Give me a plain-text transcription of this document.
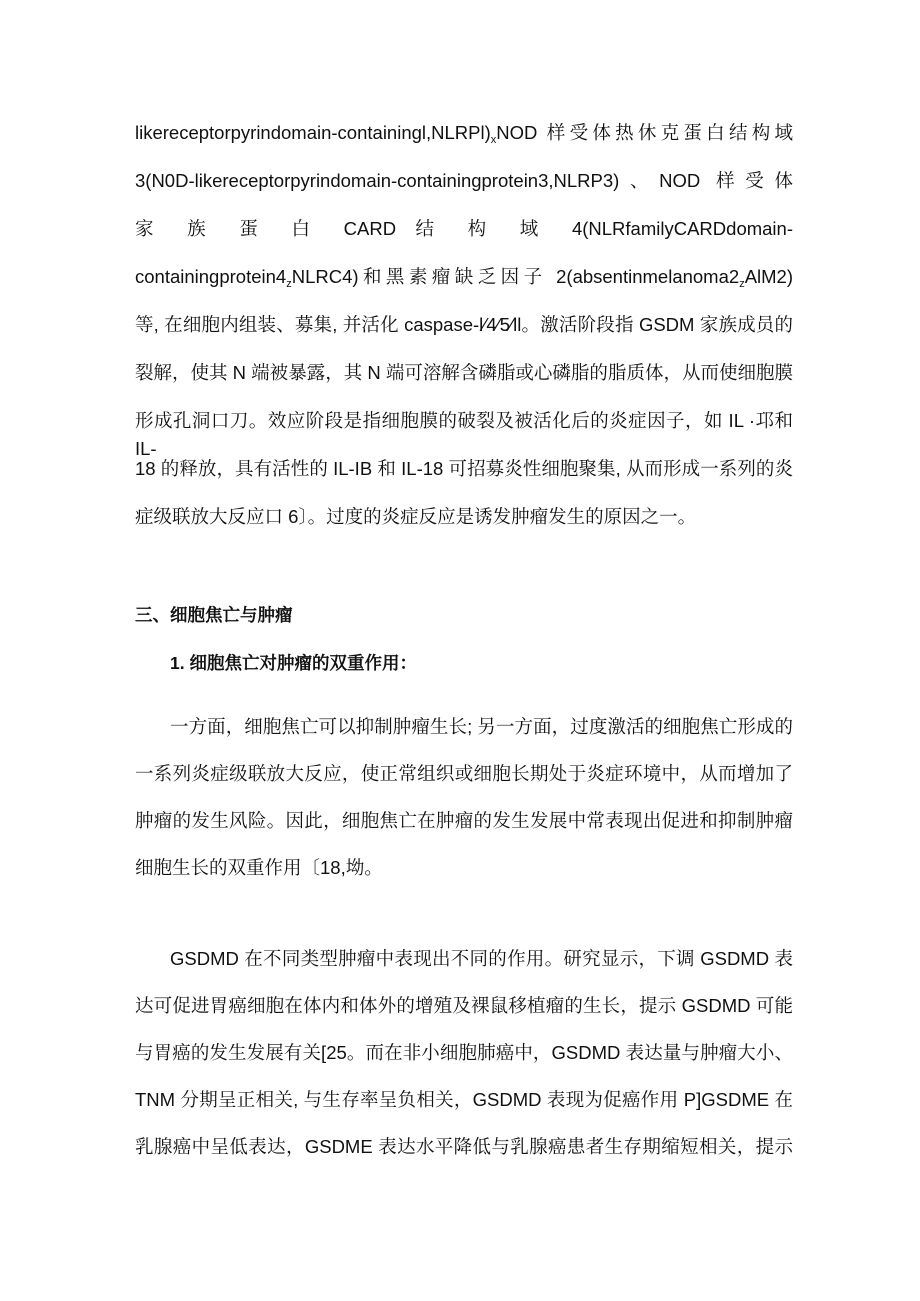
likereceptorpyrindomain-$containingl,NLRPl)_xNOD$ 样受体热休克蛋白结构域
3(N0D-likereceptorpyrindomain-containingprotein3,NLRP3)、NOD 样受体
家 族 蛋 白 CARD 结 构 域 4(NLRfamilyCARDdomain-
$containingprotein4_zNLRC4$)和黑素瘤缺乏因子 $2(absentinmelanoma2_zAlM2)$
等, 在细胞内组装、募集, 并活化 caspase-l⁄4⁄5⁄ll。激活阶段指 GSDM 家族成员的
裂解，使其 N 端被暴露，其 N 端可溶解含磷脂或心磷脂的脂质体，从而使细胞膜
形成孔洞口刀。效应阶段是指细胞膜的破裂及被活化后的炎症因子，如 IL ·邛和 IL-
18 的释放，具有活性的 IL-IB 和 IL-18 可招募炎性细胞聚集, 从而形成一系列的炎
症级联放大反应口 6〕。过度的炎症反应是诱发肿瘤发生的原因之一。
三、细胞焦亡与肿瘤
1. 细胞焦亡对肿瘤的双重作用：
一方面，细胞焦亡可以抑制肿瘤生长; 另一方面，过度激活的细胞焦亡形成的
一系列炎症级联放大反应，使正常组织或细胞长期处于炎症环境中，从而增加了
肿瘤的发生风险。因此，细胞焦亡在肿瘤的发生发展中常表现出促进和抑制肿瘤
细胞生长的双重作用〔18,坳。
GSDMD 在不同类型肿瘤中表现出不同的作用。研究显示，下调 GSDMD 表
达可促进胃癌细胞在体内和体外的增殖及裸鼠移植瘤的生长，提示 GSDMD 可能
与胃癌的发生发展有关[25。而在非小细胞肺癌中，GSDMD 表达量与肿瘤大小、
TNM 分期呈正相关, 与生存率呈负相关，GSDMD 表现为促癌作用 P]GSDME 在
乳腺癌中呈低表达，GSDME 表达水平降低与乳腺癌患者生存期缩短相关，提示
